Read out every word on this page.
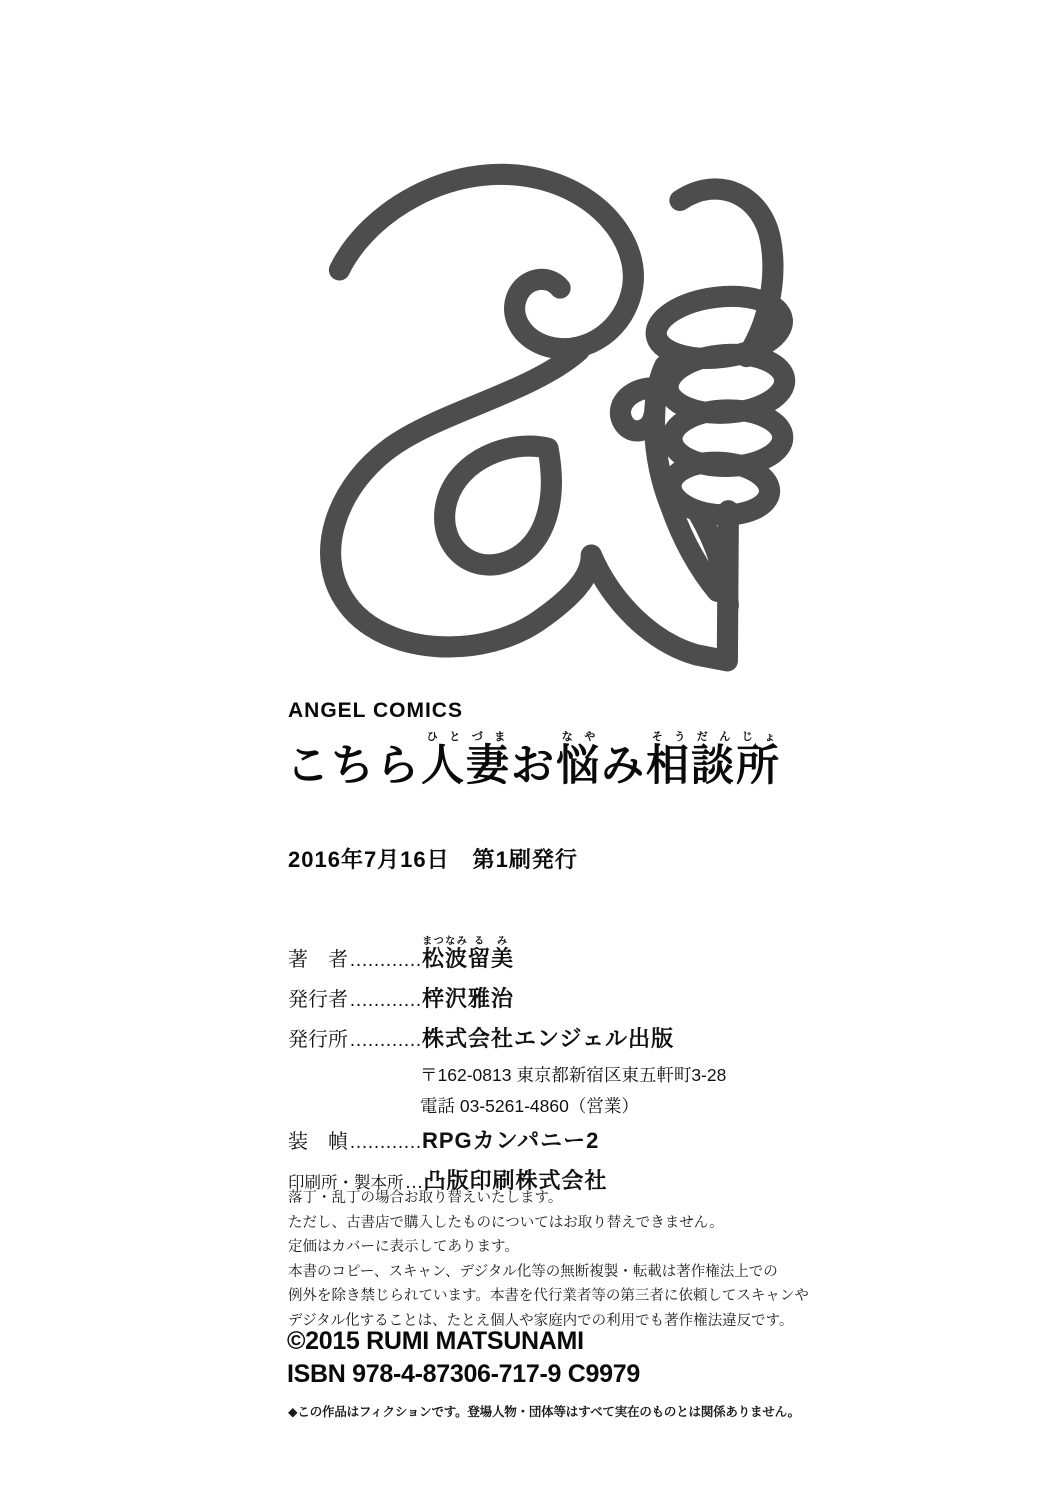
ANGEL COMICS
こちら人ひと妻づまお悩なやみ相そう談だん所じょ
2016年7月16日　第1刷発行
著　者 ………… 松まつ波なみ留る美み
発行者 ………… 梓沢雅治
発行所 ………… 株式会社エンジェル出版
〒162-0813 東京都新宿区東五軒町3-28
電話 03-5261-4860（営業）
装　幀 ………… RPGカンパニー2
印刷所・製本所 … 凸版印刷株式会社
落丁・乱丁の場合お取り替えいたします。
ただし、古書店で購入したものについてはお取り替えできません。
定価はカバーに表示してあります。
本書のコピー、スキャン、デジタル化等の無断複製・転載は著作権法上での
例外を除き禁じられています。本書を代行業者等の第三者に依頼してスキャンや
デジタル化することは、たとえ個人や家庭内での利用でも著作権法違反です。
©2015 RUMI MATSUNAMI
ISBN 978-4-87306-717-9 C9979
◆この作品はフィクションです。登場人物・団体等はすべて実在のものとは関係ありません。
